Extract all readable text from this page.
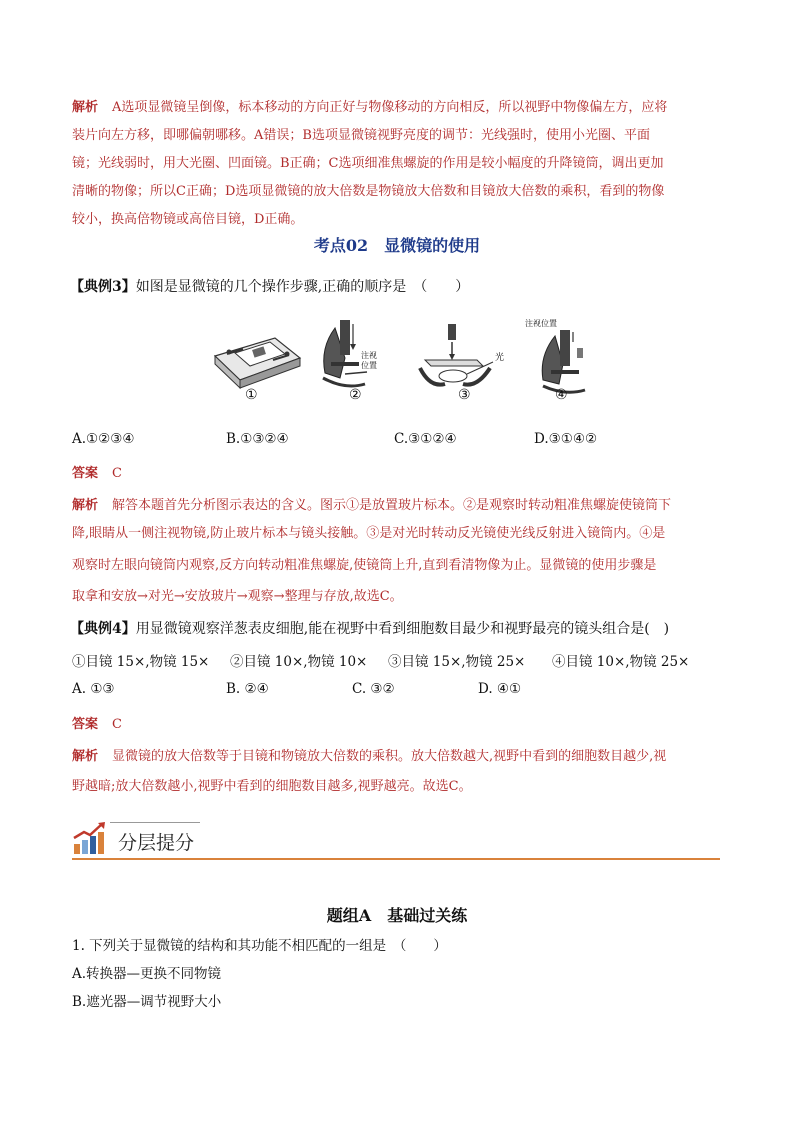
解析 A选项显微镜呈倒像，标本移动的方向正好与物像移动的方向相反，所以视野中物像偏左方，应将
装片向左方移，即哪偏朝哪移。A错误；B选项显微镜视野亮度的调节：光线强时，使用小光圈、平面
镜；光线弱时，用大光圈、凹面镜。B正确；C选项细准焦螺旋的作用是较小幅度的升降镜筒，调出更加
清晰的物像；所以C正确；D选项显微镜的放大倍数是物镜放大倍数和目镜放大倍数的乘积，看到的物像
较小，换高倍物镜或高倍目镜，D正确。
考点02　显微镜的使用
【典例3】如图是显微镜的几个操作步骤,正确的顺序是　（　　）
注视
位置
光
注视位置
①	②	③	④
A.①②③④	B.①③②④	C.③①②④	D.③①④②
答案 C
解析 解答本题首先分析图示表达的含义。图示①是放置玻片标本。②是观察时转动粗准焦螺旋使镜筒下
降,眼睛从一侧注视物镜,防止玻片标本与镜头接触。③是对光时转动反光镜使光线反射进入镜筒内。④是
观察时左眼向镜筒内观察,反方向转动粗准焦螺旋,使镜筒上升,直到看清物像为止。显微镜的使用步骤是
取拿和安放→对光→安放玻片→观察→整理与存放,故选C。
【典例4】用显微镜观察洋葱表皮细胞,能在视野中看到细胞数目最少和视野最亮的镜头组合是(　)
①目镜 15×,物镜 15× ②目镜 10×,物镜 10× ③目镜 15×,物镜 25× ④目镜 10×,物镜 25×
A. ①③	B. ②④	C. ③②	D. ④①
答案 C
解析 显微镜的放大倍数等于目镜和物镜放大倍数的乘积。放大倍数越大,视野中看到的细胞数目越少,视
野越暗;放大倍数越小,视野中看到的细胞数目越多,视野越亮。故选C。
分层提分
题组A　基础过关练
1. 下列关于显微镜的结构和其功能不相匹配的一组是　（　　）
A.转换器—更换不同物镜
B.遮光器—调节视野大小
